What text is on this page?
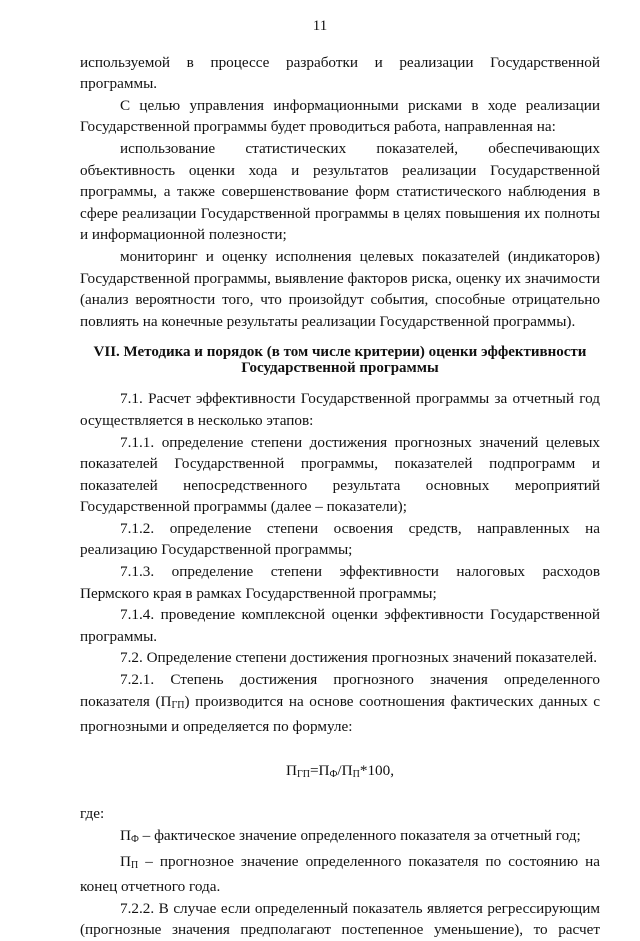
11

используемой в процессе разработки и реализации Государственной программы.

С целью управления информационными рисками в ходе реализации Государственной программы будет проводиться работа, направленная на:

использование статистических показателей, обеспечивающих объективность оценки хода и результатов реализации Государственной программы, а также совершенствование форм статистического наблюдения в сфере реализации Государственной программы в целях повышения их полноты и информационной полезности;

мониторинг и оценку исполнения целевых показателей (индикаторов) Государственной программы, выявление факторов риска, оценку их значимости (анализ вероятности того, что произойдут события, способные отрицательно повлиять на конечные результаты реализации Государственной программы).

VII. Методика и порядок (в том числе критерии) оценки эффективности Государственной программы

7.1. Расчет эффективности Государственной программы за отчетный год осуществляется в несколько этапов:

7.1.1. определение степени достижения прогнозных значений целевых показателей Государственной программы, показателей подпрограмм и показателей непосредственного результата основных мероприятий Государственной программы (далее – показатели);

7.1.2. определение степени освоения средств, направленных на реализацию Государственной программы;

7.1.3. определение степени эффективности налоговых расходов Пермского края в рамках Государственной программы;

7.1.4. проведение комплексной оценки эффективности Государственной программы.

7.2. Определение степени достижения прогнозных значений показателей.

7.2.1. Степень достижения прогнозного значения определенного показателя $(П_{ГП})$ производится на основе соотношения фактических данных с прогнозными и определяется по формуле:

$П_{ГП}=П_Ф/П_П*100$,

где:

$П_Ф$ – фактическое значение определенного показателя за отчетный год;

$П_П$ – прогнозное значение определенного показателя по состоянию на конец отчетного года.

7.2.2. В случае если определенный показатель является регрессирующим (прогнозные значения предполагают постепенное уменьшение), то расчет
